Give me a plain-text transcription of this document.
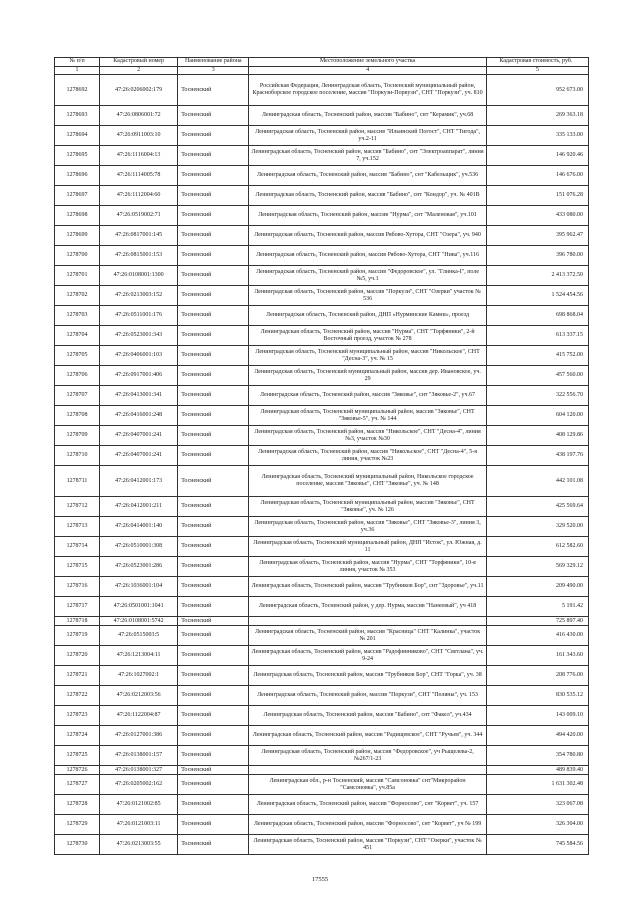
№ п/п	Кадастровый номер	Наименование района	Местоположение земельного участка	Кадастровая стоимость, руб.
1	2	3	4	5
1278692	47:26:0206002:179	Тосненский	Российская Федерация, Ленинградская область, Тосненский муниципальный район, Красноборское городское поселение, массив "Поркузи-Поркузи", СНТ "Поркузи", уч. 810	952 673.00
1278693	47:26:0806001:72	Тосненский	Ленинградская область, Тосненский район, массив "Бабино", снт "Керамик", уч.68	269 363.18
1278694	47:26:0911003:10	Тосненский	Ленинградская область, Тосненский район, массив "Ильинский Погост", СНТ "Тигода", уч.2-11	335 133.00
1278695	47:26:1116004:13	Тосненский	Ленинградская область, Тосненский район, массив "Бабино", снт "Электроаппарат", линия 7, уч.152	146 920.46
1278696	47:26:1114005:78	Тосненский	Ленинградская область, Тосненский район, массив "Бабино", снт "Кабельщик", уч.536	146 676.00
1278697	47:26:1112004:60	Тосненский	Ленинградская область, Тосненский район, массив "Бабино", снт "Кондор", уч. № 401В	151 076.28
1278698	47:26:0519002:71	Тосненский	Ленинградская область, Тосненский район, массив "Нурма", снт "Маленовая", уч.101	433 080.00
1278699	47:26:0817001:145	Тосненский	Ленинградская область, Тосненский район, массив Рябово-Хутора, СНТ "Озера", уч. 940	395 962.47
1278700	47:26:0815001:153	Тосненский	Ленинградская область, Тосненский район, массив Рябово-Хутора, СНТ "Нива", уч.116	396 780.00
1278701	47:26:0108001:1300	Тосненский	Ленинградская область, Тосненский район, массив "Федоровское", ул. "Глинка-I", поле №5, уч.1	2 413 372.50
1278702	47:26:0213003:152	Тосненский	Ленинградская область, Тосненский район, массив "Поркузи", СНТ "Озерки" участок № 536	1 524 454.56
1278703	47:26:0511001:176	Тосненский	Ленинградская область, Тосненский район, ДНП «Нурминские Камни», проезд	698 868.04
1278704	47:26:0523001:343	Тосненский	Ленинградская область, Тосненский район, массив "Нурма", СНТ "Торфяники", 2-й Восточный проезд, участок № 278	613 337.15
1278705	47:26:0406001:103	Тосненский	Ленинградская область, Тосненский муниципальный район, массив "Никольское", СНТ "Десна-3", уч. № 15	415 752.00
1278706	47:26:0917001:406	Тосненский	Ленинградская область, Тосненский муниципальный район, массив дер. Ивановское, уч. 29	457 560.00
1278707	47:26:0413001:341	Тосненский	Ленинградская область, Тосненский район, массив "Зяковье", снт "Зяковье-2", уч.67	322 556.70
1278708	47:26:0416001:248	Тосненский	Ленинградская область, Тосненский муниципальный район, массив "Зяковье", СНТ "Зяковье-5", уч. № 144	604 120.00
1278709	47:26:0407001:241	Тосненский	Ленинградская область, Тосненский район, массив "Никольское", СНТ "Десна-4", линия №3, участок №30	408 129.86
1278710	47:26:0407001:241	Тосненский	Ленинградская область, Тосненский район, массив "Никольское", СНТ "Десна-4", 5-я линия, участок №23	438 197.76
1278711	47:26:0412001:173	Тосненский	Ленинградская область, Тосненский муниципальный район, Никольское городское поселение, массив "Зяковье", СНТ "Зяковье", уч. № 148	442 101.08
1278712	47:26:0412001:211	Тосненский	Ленинградская область, Тосненский муниципальный район, массив "Зяковье", СНТ "Зяковье", уч. № 126	425 569.64
1278713	47:26:0414001:140	Тосненский	Ленинградская область, Тосненский район, массив "Зяковье", СНТ "Зяковье-3", линия 3, уч.36	329 520.00
1278714	47:26:0510001:308	Тосненский	Ленинградская область, Тосненский муниципальный район, ДНП "Исток", ул. Южная, д. 11	612 582.60
1278715	47:26:0523001:286	Тосненский	Ленинградская область, Тосненский район, массив "Нурма", СНТ "Торфяники", 10-я линия, участок № 353	569 329.12
1278716	47:26:1036001:104	Тосненский	Ленинградская область, Тосненский район, массив "Трубников Бор", снт "Здоровье", уч.11	209 490.00
1278717	47:26:0501001:1041	Тосненский	Ленинградская область, Тосненский район, у дер. Нурма, массив "Нанеевый", уч 418	5 191.42
1278718	47:26:0108001:5742	Тосненский		725 897.40
1278719	47:26:0515003:5	Тосненский	Ленинградская область, Тосненский район, массив "Красница" СНТ "Калинка", участок № 201	416 430.00
1278720	47:26:1213004:11	Тосненский	Ленинградская область, Тосненский район, массив "Радофинниково", СНТ "Светлана", уч. 9-24	161 343.60
1278721	47:26:1027002:1	Тосненский	Ленинградская область, Тосненский район, массив "Трубников Бор", СНТ "Горка", уч. 38	208 776.00
1278722	47:26:0212003:56	Тосненский	Ленинградская область, Тосненский район, массив "Поркузи", СНТ "Поляны", уч. 153	830 535.12
1278723	47:26:1122004:87	Тосненский	Ленинградская область, Тосненский район, массив "Бабино", снт "Факел", уч.434	143 009.10
1278724	47:26:0127001:386	Тосненский	Ленинградская область, Тосненский район, массив "Радищевское", СНТ "Ручьев", уч. 344	494 420.00
1278725	47:26:0138001:157	Тосненский	Ленинградская область, Тосненский район, массив "Федоровское", уч Рыщелева-2, №267/1-23	354 780.80
1278726	47:26:0138001:327	Тосненский		489 839.40
1278727	47:26:0205002:162	Тосненский	Ленинградская обл., р-н Тосненский, массив "Самсоновка" снт"Микрорайон "Самсоновка", уч.85а	1 631 302.48
1278728	47:26:0121002:85	Тосненский	Ленинградская область, Тосненский район, массив "Форносово", снт "Корвет", уч. 157	323 067.08
1278729	47:26:0121003:11	Тосненский	Ленинградская область, Тосненский район, массив "Форносово", снт "Корвет", уч № 199	326 304.00
1278730	47:26:0213003:55	Тосненский	Ленинградская область, Тосненский район, массив "Поркузи", СНТ "Озерки", участок № 451	745 584.56
17555
